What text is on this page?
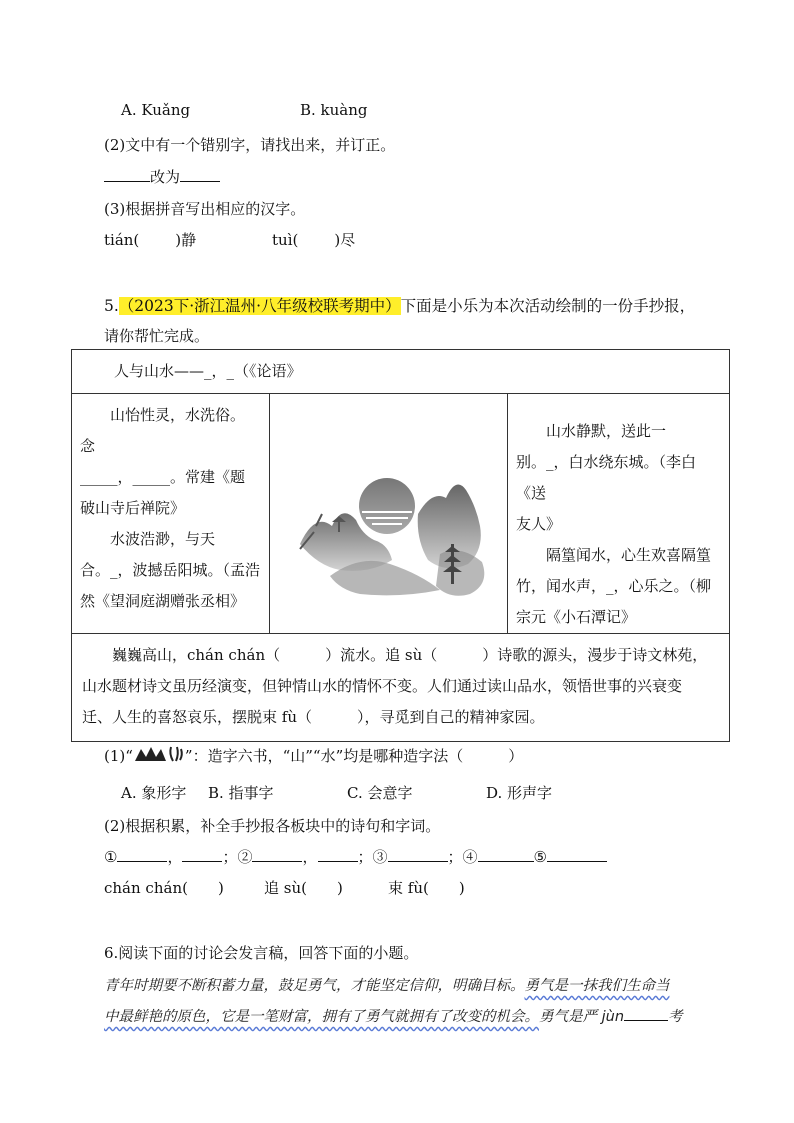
A. Kuǎng	B. kuàng
(2)文中有一个错别字，请找出来，并订正。
改为
(3)根据拼音写出相应的汉字。
tián( )静	tuì( )尽
5.（2023下·浙江温州·八年级校联考期中）下面是小乐为本次活动绘制的一份手抄报，
请你帮忙完成。
人与山水——_，_（《论语》

山怡性灵，水洗俗。
念
_____，_____。常建《题
破山寺后禅院》
水波浩渺，与天
合。_，波撼岳阳城。（孟浩
然《望洞庭湖赠张丞相》

山水静默，送此一
别。_，白水绕东城。（李白《送
友人》
隔篁闻水，心生欢喜隔篁
竹，闻水声，_，心乐之。（柳
宗元《小石潭记》

巍巍高山，chán chán（　　　）流水。追 sù（　　　）诗歌的源头，漫步于诗文林苑，
山水题材诗文虽历经演变，但钟情山水的情怀不变。人们通过读山品水，领悟世事的兴衰变
迁、人生的喜怒哀乐，摆脱束 fù（　　　），寻觅到自己的精神家园。
(1)“	”：造字六书，“山”“水”均是哪种造字法（　　　）
A. 象形字 B. 指事字	C. 会意字	D. 形声字
(2)根据积累，补全手抄报各板块中的诗句和字词。
①	，	；②	，	；③	；④	⑤
chán chán(　　)	追 sù(　　)	束 fù(　　)
6.阅读下面的讨论会发言稿，回答下面的小题。
青年时期要不断积蓄力量，鼓足勇气，才能坚定信仰，明确目标。勇气是一抹我们生命当
中最鲜艳的原色，它是一笔财富，拥有了勇气就拥有了改变的机会。勇气是严 jùn	考
